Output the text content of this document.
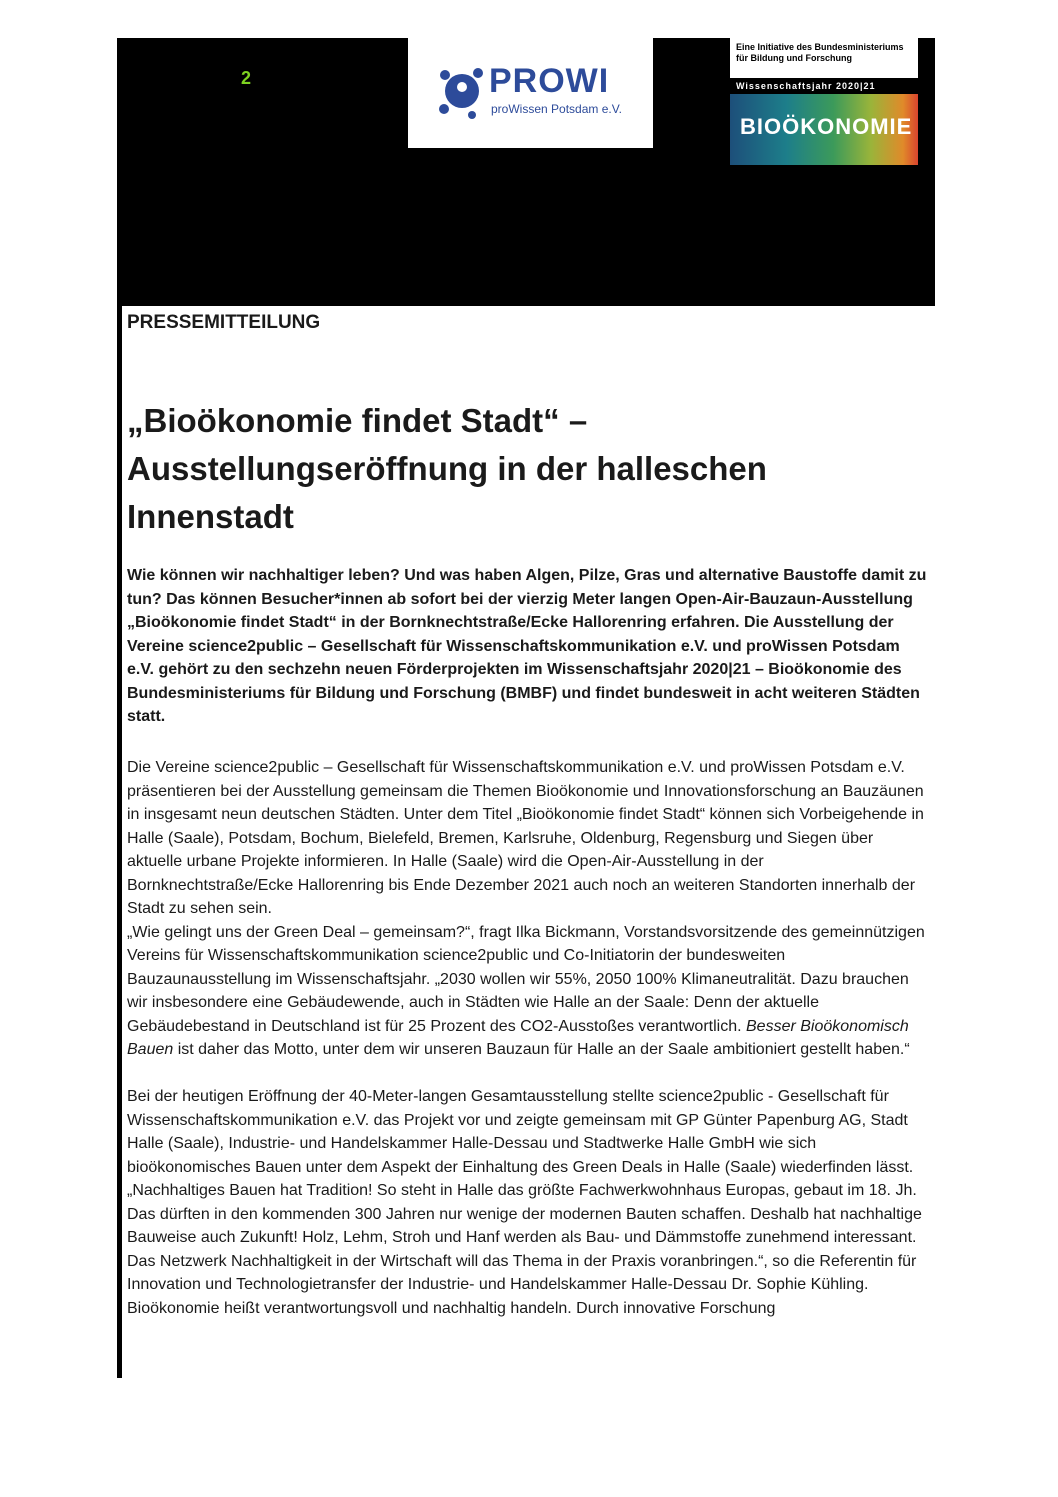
2	PROWI
proWissen Potsdam e.V.
Eine Initiative des Bundesministeriums für Bildung und Forschung
Wissenschaftsjahr 2020|21
BIOÖKONOMIE
PRESSEMITTEILUNG
„Bioökonomie findet Stadt“ – Ausstellungseröffnung in der halleschen Innenstadt
Wie können wir nachhaltiger leben? Und was haben Algen, Pilze, Gras und alternative Baustoffe damit zu tun? Das können Besucher*innen ab sofort bei der vierzig Meter langen Open-Air-Bauzaun-Ausstellung „Bioökonomie findet Stadt“ in der Bornknechtstraße/Ecke Hallorenring erfahren. Die Ausstellung der Vereine science2public – Gesellschaft für Wissenschaftskommunikation e.V. und proWissen Potsdam e.V. gehört zu den sechzehn neuen Förderprojekten im Wissenschaftsjahr 2020|21 – Bioökonomie des Bundesministeriums für Bildung und Forschung (BMBF) und findet bundesweit in acht weiteren Städten statt.

Die Vereine science2public – Gesellschaft für Wissenschaftskommunikation e.V. und proWissen Potsdam e.V. präsentieren bei der Ausstellung gemeinsam die Themen Bioökonomie und Innovationsforschung an Bauzäunen in insgesamt neun deutschen Städten. Unter dem Titel „Bioökonomie findet Stadt“ können sich Vorbeigehende in Halle (Saale), Potsdam, Bochum, Bielefeld, Bremen, Karlsruhe, Oldenburg, Regensburg und Siegen über aktuelle urbane Projekte informieren. In Halle (Saale) wird die Open-Air-Ausstellung in der Bornknechtstraße/Ecke Hallorenring bis Ende Dezember 2021 auch noch an weiteren Standorten innerhalb der Stadt zu sehen sein.

„Wie gelingt uns der Green Deal – gemeinsam?“, fragt Ilka Bickmann, Vorstandsvorsitzende des gemeinnützigen Vereins für Wissenschaftskommunikation science2public und Co-Initiatorin der bundesweiten Bauzaunausstellung im Wissenschaftsjahr. „2030 wollen wir 55%, 2050 100% Klimaneutralität. Dazu brauchen wir insbesondere eine Gebäudewende, auch in Städten wie Halle an der Saale: Denn der aktuelle Gebäudebestand in Deutschland ist für 25 Prozent des CO2-Ausstoßes verantwortlich. Besser Bioökonomisch Bauen ist daher das Motto, unter dem wir unseren Bauzaun für Halle an der Saale ambitioniert gestellt haben.“

Bei der heutigen Eröffnung der 40-Meter-langen Gesamtausstellung stellte science2public - Gesellschaft für Wissenschaftskommunikation e.V. das Projekt vor und zeigte gemeinsam mit GP Günter Papenburg AG, Stadt Halle (Saale), Industrie- und Handelskammer Halle-Dessau und Stadtwerke Halle GmbH wie sich bioökonomisches Bauen unter dem Aspekt der Einhaltung des Green Deals in Halle (Saale) wiederfinden lässt. „Nachhaltiges Bauen hat Tradition! So steht in Halle das größte Fachwerkwohnhaus Europas, gebaut im 18. Jh. Das dürften in den kommenden 300 Jahren nur wenige der modernen Bauten schaffen. Deshalb hat nachhaltige Bauweise auch Zukunft! Holz, Lehm, Stroh und Hanf werden als Bau- und Dämmstoffe zunehmend interessant. Das Netzwerk Nachhaltigkeit in der Wirtschaft will das Thema in der Praxis voranbringen.“, so die Referentin für Innovation und Technologietransfer der Industrie- und Handelskammer Halle-Dessau Dr. Sophie Kühling. Bioökonomie heißt verantwortungsvoll und nachhaltig handeln. Durch innovative Forschung
